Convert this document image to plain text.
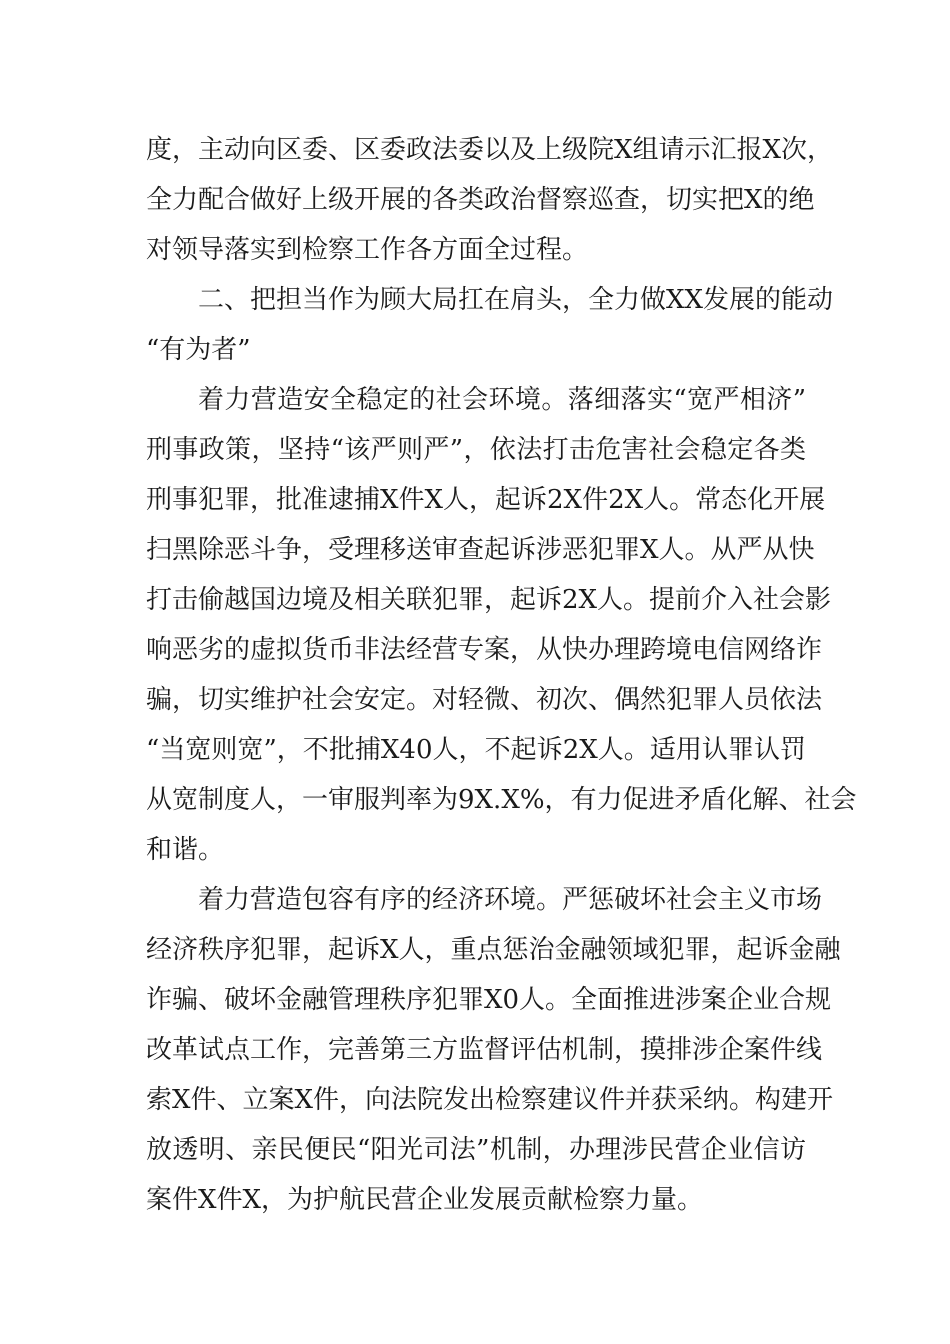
度，主动向区委、区委政法委以及上级院X组请示汇报X次，
全力配合做好上级开展的各类政治督察巡查，切实把X的绝
对领导落实到检察工作各方面全过程。
二、把担当作为顾大局扛在肩头，全力做XX发展的能动
“有为者”
着力营造安全稳定的社会环境。落细落实“宽严相济”
刑事政策，坚持“该严则严”，依法打击危害社会稳定各类
刑事犯罪，批准逮捕X件X人，起诉2X件2X人。常态化开展
扫黑除恶斗争，受理移送审查起诉涉恶犯罪X人。从严从快
打击偷越国边境及相关联犯罪，起诉2X人。提前介入社会影
响恶劣的虚拟货币非法经营专案，从快办理跨境电信网络诈
骗，切实维护社会安定。对轻微、初次、偶然犯罪人员依法
“当宽则宽”，不批捕X40人，不起诉2X人。适用认罪认罚
从宽制度人，一审服判率为9X.X%，有力促进矛盾化解、社会
和谐。
着力营造包容有序的经济环境。严惩破坏社会主义市场
经济秩序犯罪，起诉X人，重点惩治金融领域犯罪，起诉金融
诈骗、破坏金融管理秩序犯罪X0人。全面推进涉案企业合规
改革试点工作，完善第三方监督评估机制，摸排涉企案件线
索X件、立案X件，向法院发出检察建议件并获采纳。构建开
放透明、亲民便民“阳光司法”机制，办理涉民营企业信访
案件X件X，为护航民营企业发展贡献检察力量。
